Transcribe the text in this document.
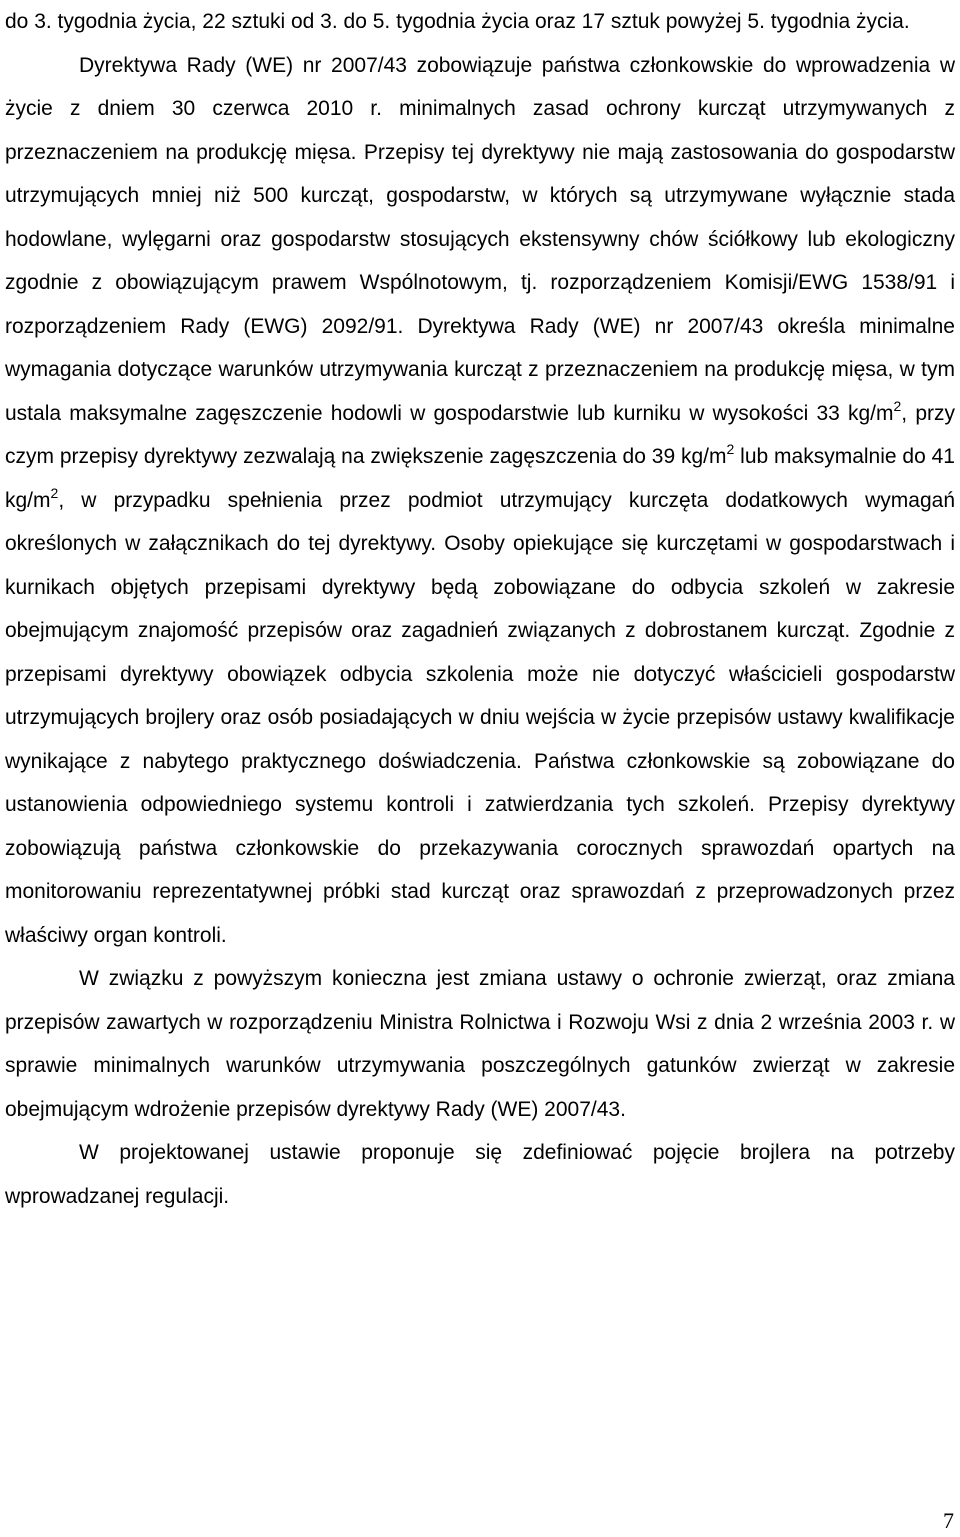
do 3. tygodnia życia, 22 sztuki od 3. do 5. tygodnia życia oraz 17 sztuk powyżej 5. tygodnia życia.

Dyrektywa Rady (WE) nr 2007/43 zobowiązuje państwa członkowskie do wprowadzenia w życie z dniem 30 czerwca 2010 r. minimalnych zasad ochrony kurcząt utrzymywanych z przeznaczeniem na produkcję mięsa. Przepisy tej dyrektywy nie mają zastosowania do gospodarstw utrzymujących mniej niż 500 kurcząt, gospodarstw, w których są utrzymywane wyłącznie stada hodowlane, wylęgarni oraz gospodarstw stosujących ekstensywny chów ściółkowy lub ekologiczny zgodnie z obowiązującym prawem Wspólnotowym, tj. rozporządzeniem Komisji/EWG 1538/91 i rozporządzeniem Rady (EWG) 2092/91. Dyrektywa Rady (WE) nr 2007/43 określa minimalne wymagania dotyczące warunków utrzymywania kurcząt z przeznaczeniem na produkcję mięsa, w tym ustala maksymalne zagęszczenie hodowli w gospodarstwie lub kurniku w wysokości 33 $kg/m^2$, przy czym przepisy dyrektywy zezwalają na zwiększenie zagęszczenia do 39 $kg/m^2$ lub maksymalnie do 41 $kg/m^2$, w przypadku spełnienia przez podmiot utrzymujący kurczęta dodatkowych wymagań określonych w załącznikach do tej dyrektywy. Osoby opiekujące się kurczętami w gospodarstwach i kurnikach objętych przepisami dyrektywy będą zobowiązane do odbycia szkoleń w zakresie obejmującym znajomość przepisów oraz zagadnień związanych z dobrostanem kurcząt. Zgodnie z przepisami dyrektywy obowiązek odbycia szkolenia może nie dotyczyć właścicieli gospodarstw utrzymujących brojlery oraz osób posiadających w dniu wejścia w życie przepisów ustawy kwalifikacje wynikające z nabytego praktycznego doświadczenia. Państwa członkowskie są zobowiązane do ustanowienia odpowiedniego systemu kontroli i zatwierdzania tych szkoleń. Przepisy dyrektywy zobowiązują państwa członkowskie do przekazywania corocznych sprawozdań opartych na monitorowaniu reprezentatywnej próbki stad kurcząt oraz sprawozdań z przeprowadzonych przez właściwy organ kontroli.

W związku z powyższym konieczna jest zmiana ustawy o ochronie zwierząt, oraz zmiana przepisów zawartych w rozporządzeniu Ministra Rolnictwa i Rozwoju Wsi z dnia 2 września 2003 r. w sprawie minimalnych warunków utrzymywania poszczególnych gatunków zwierząt w zakresie obejmującym wdrożenie przepisów dyrektywy Rady (WE) 2007/43.

W projektowanej ustawie proponuje się zdefiniować pojęcie brojlera na potrzeby wprowadzanej regulacji.

7
